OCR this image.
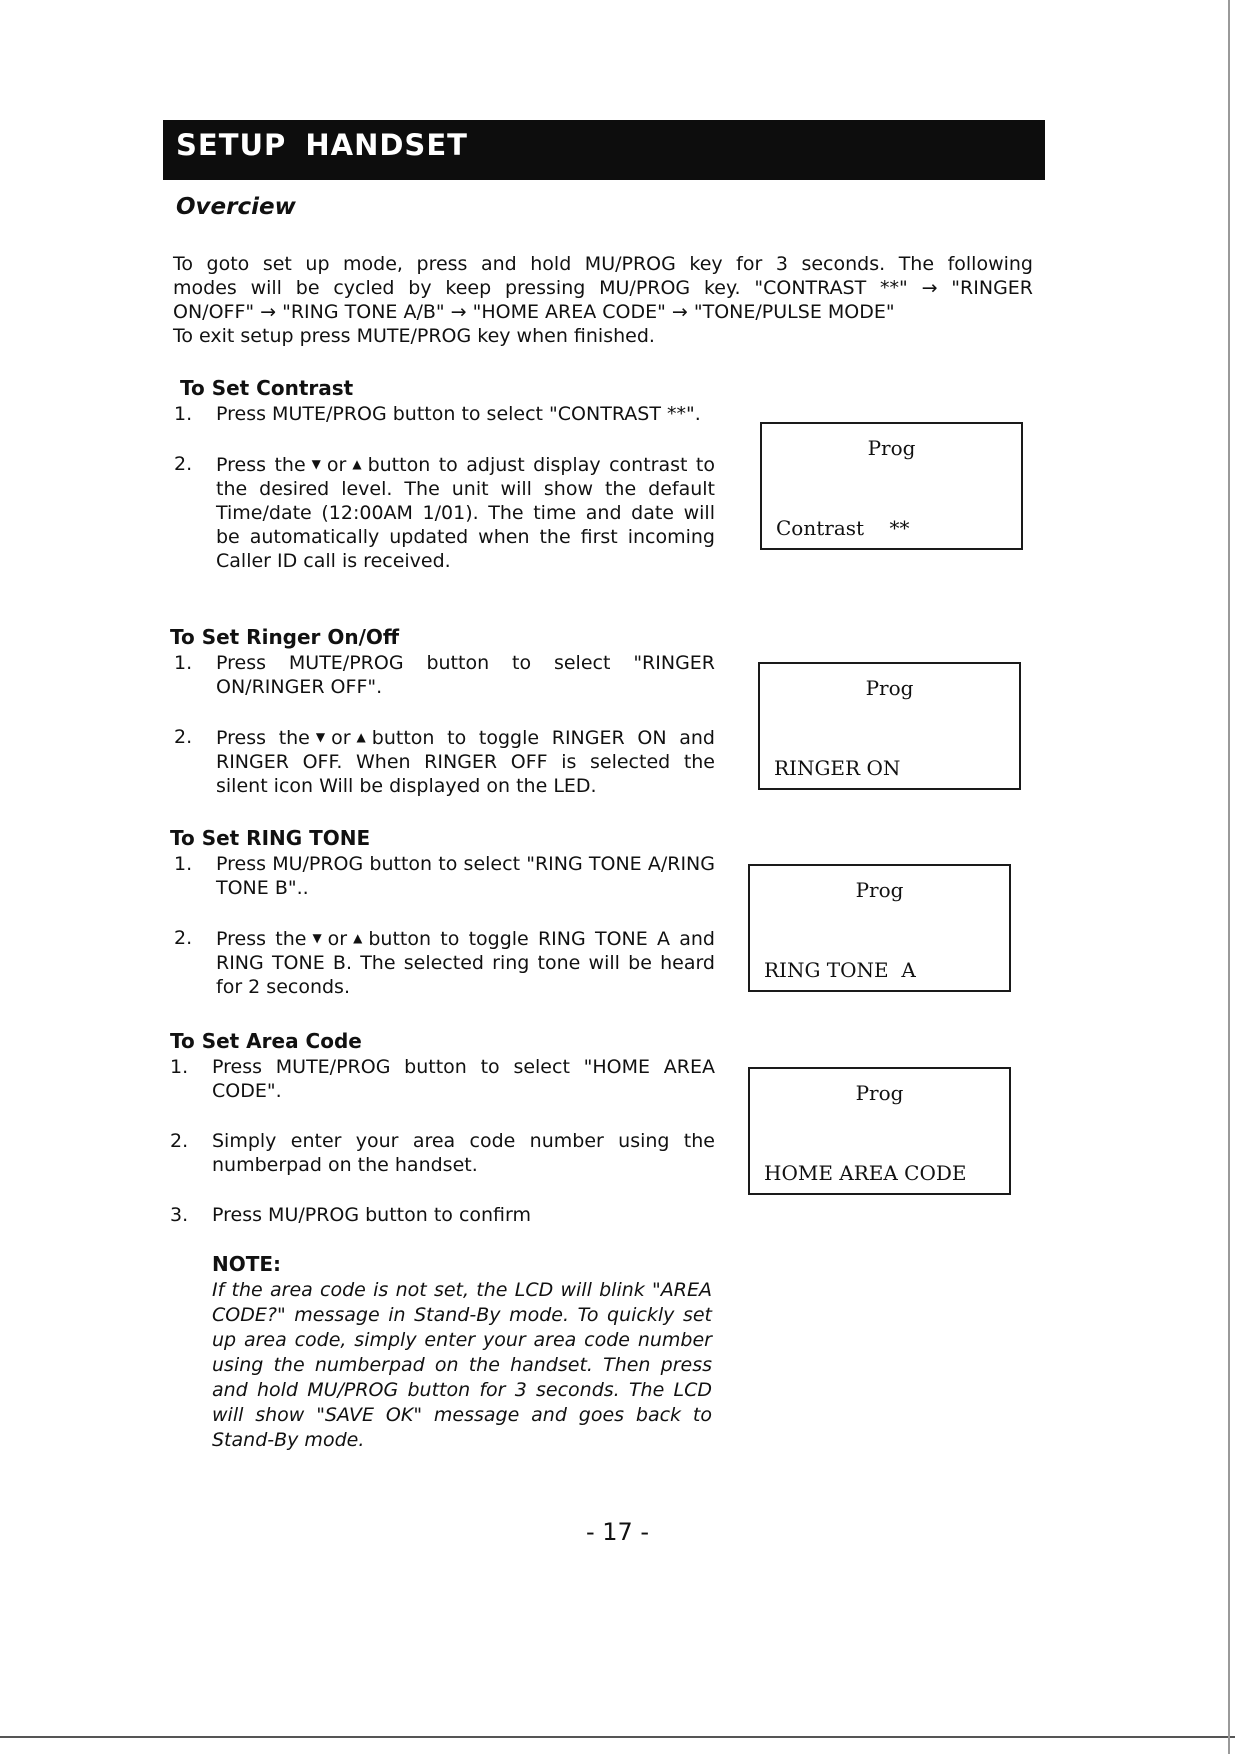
SETUP HANDSET
Overciew

To goto set up mode, press and hold MU/PROG key for 3 seconds. The following

modes will be cycled by keep pressing MU/PROG key. "CONTRAST **" → "RINGER

ON/OFF" → "RING TONE A/B" → "HOME AREA CODE" → "TONE/PULSE MODE"

To exit setup press MUTE/PROG key when finished.

To Set Contrast
1. Press MUTE/PROG button to select "CONTRAST **".
2. Press the ▼ or ▲ button to adjust display contrast to the desired level. The unit will show the default Time/date (12:00AM 1/01). The time and date will be automatically updated when the first incoming Caller ID call is received.
Prog
Contrast    **
To Set Ringer On/Off
1. Press MUTE/PROG button to select "RINGER ON/RINGER OFF".
2. Press the ▼ or ▲ button to toggle RINGER ON and RINGER OFF. When RINGER OFF is selected the silent icon Will be displayed on the LED.
Prog
RINGER ON
To Set RING TONE
1. Press MU/PROG button to select "RING TONE A/RING TONE B"..
2. Press the ▼ or ▲ button to toggle RING TONE A and RING TONE B. The selected ring tone will be heard for 2 seconds.
Prog
RING TONE  A
To Set Area Code
1. Press MUTE/PROG button to select "HOME AREA CODE".
2. Simply enter your area code number using the numberpad on the handset.
3. Press MU/PROG button to confirm
Prog
HOME AREA CODE
NOTE:

If the area code is not set, the LCD will blink "AREA CODE?" message in Stand-By mode. To quickly set up area code, simply enter your area code number using the numberpad on the handset. Then press and hold MU/PROG button for 3 seconds. The LCD will show "SAVE OK" message and goes back to Stand-By mode.

- 17 -
